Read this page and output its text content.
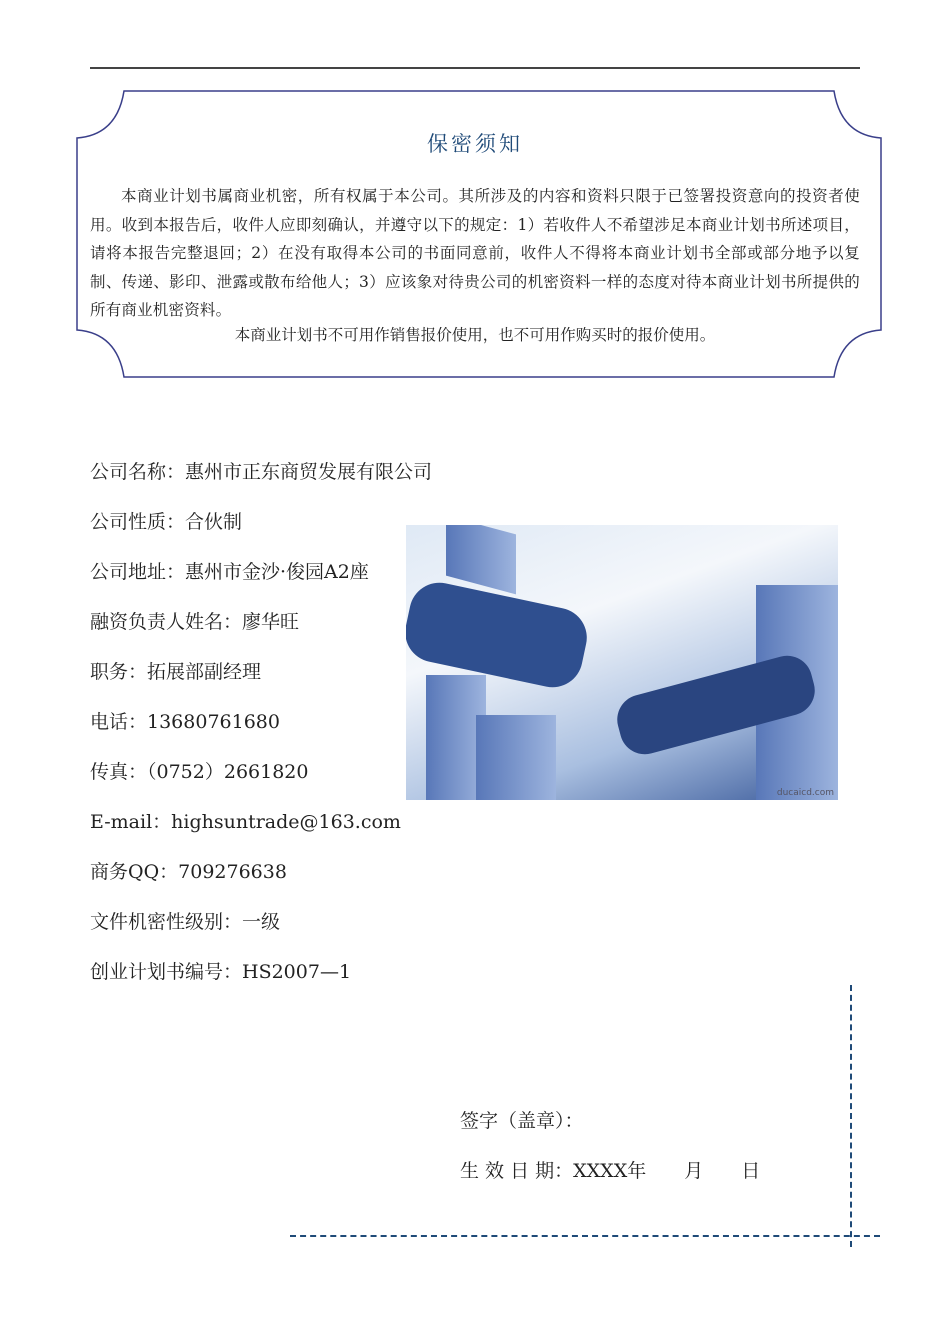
保密须知
本商业计划书属商业机密，所有权属于本公司。其所涉及的内容和资料只限于已签署投资意向的投资者使用。收到本报告后，收件人应即刻确认，并遵守以下的规定：1）若收件人不希望涉足本商业计划书所述项目，请将本报告完整退回；2）在没有取得本公司的书面同意前，收件人不得将本商业计划书全部或部分地予以复制、传递、影印、泄露或散布给他人；3）应该象对待贵公司的机密资料一样的态度对待本商业计划书所提供的所有商业机密资料。
本商业计划书不可用作销售报价使用，也不可用作购买时的报价使用。
ducaicd.com
公司名称：惠州市正东商贸发展有限公司
公司性质：合伙制
公司地址：惠州市金沙·俊园A2座
融资负责人姓名：廖华旺
职务：拓展部副经理
电话：13680761680
传真：（0752）2661820
E-mail：highsuntrade@163.com
商务QQ：709276638
文件机密性级别：一级
创业计划书编号：HS2007—1
签字（盖章）：
生 效 日 期：XXXX年　　月　　日
